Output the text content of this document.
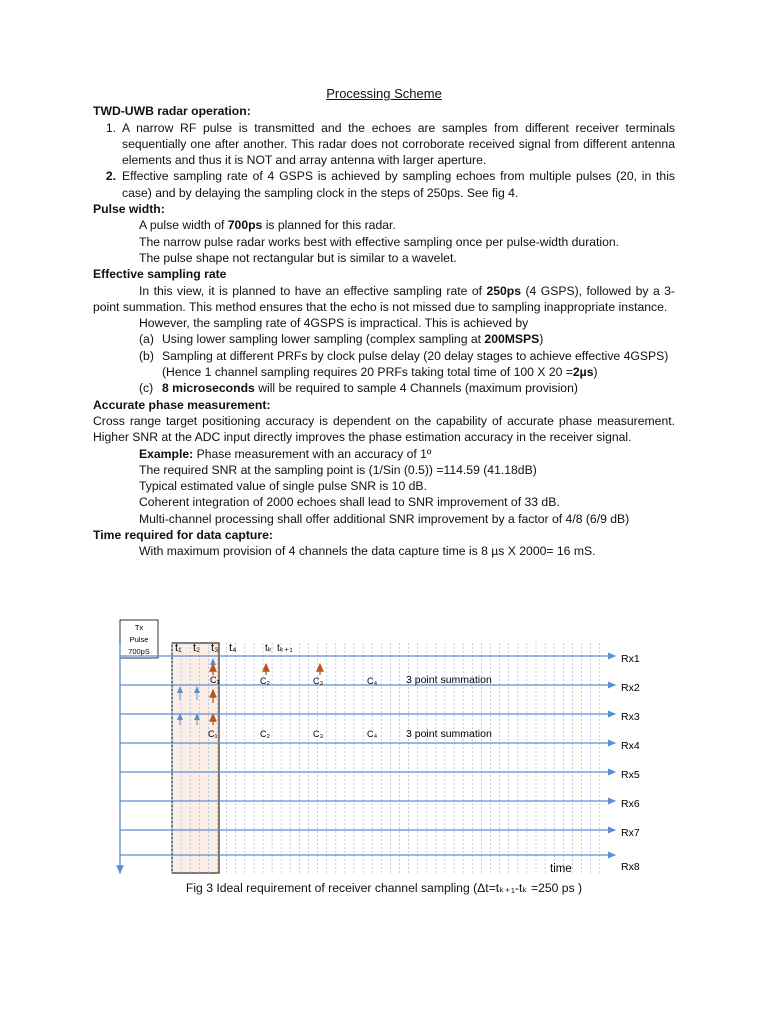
Processing Scheme
TWD-UWB radar operation:
1. A narrow RF pulse is transmitted and the echoes are samples from different receiver terminals sequentially one after another. This radar does not corroborate received signal from different antenna elements and thus it is NOT and array antenna with larger aperture.
2. Effective sampling rate of 4 GSPS is achieved by sampling echoes from multiple pulses (20, in this case) and by delaying the sampling clock in the steps of 250ps. See fig 4.
Pulse width:
A pulse width of 700ps is planned for this radar.
The narrow pulse radar works best with effective sampling once per pulse-width duration.
The pulse shape not rectangular but is similar to a wavelet.
Effective sampling rate
In this view, it is planned to have an effective sampling rate of 250ps (4 GSPS), followed by a 3-point summation. This method ensures that the echo is not missed due to sampling inappropriate instance.
However, the sampling rate of 4GSPS is impractical. This is achieved by
(a) Using lower sampling lower sampling (complex sampling at 200MSPS)
(b) Sampling at different PRFs by clock pulse delay (20 delay stages to achieve effective 4GSPS)
(Hence 1 channel sampling requires 20 PRFs taking total time of 100 X 20 =2µs)
(c) 8 microseconds will be required to sample 4 Channels (maximum provision)
Accurate phase measurement:
Cross range target positioning accuracy is dependent on the capability of accurate phase measurement. Higher SNR at the ADC input directly improves the phase estimation accuracy in the receiver signal.
Example: Phase measurement with an accuracy of 1º
The required SNR at the sampling point is (1/Sin (0.5)) =114.59 (41.18dB)
Typical estimated value of single pulse SNR is 10 dB.
Coherent integration of 2000 echoes shall lead to SNR improvement of 33 dB.
Multi-channel processing shall offer additional SNR improvement by a factor of 4/8 (6/9 dB)
Time required for data capture:
With maximum provision of 4 channels the data capture time is 8 µs X 2000= 16 mS.
Tx
Pulse
700pS t₁ t₂ t₃ t₄	tₖ tₖ₊₁
C₁	C₂	C₃	C₄	3 point summation
C₁	C₂	C₃	C₄	3 point summation
Rx1
Rx2
Rx3
Rx4
Rx5
Rx6
Rx7
Rx8
time
Fig 3 Ideal requirement of receiver channel sampling (Δt=tₖ₊₁-tₖ =250 ps )
